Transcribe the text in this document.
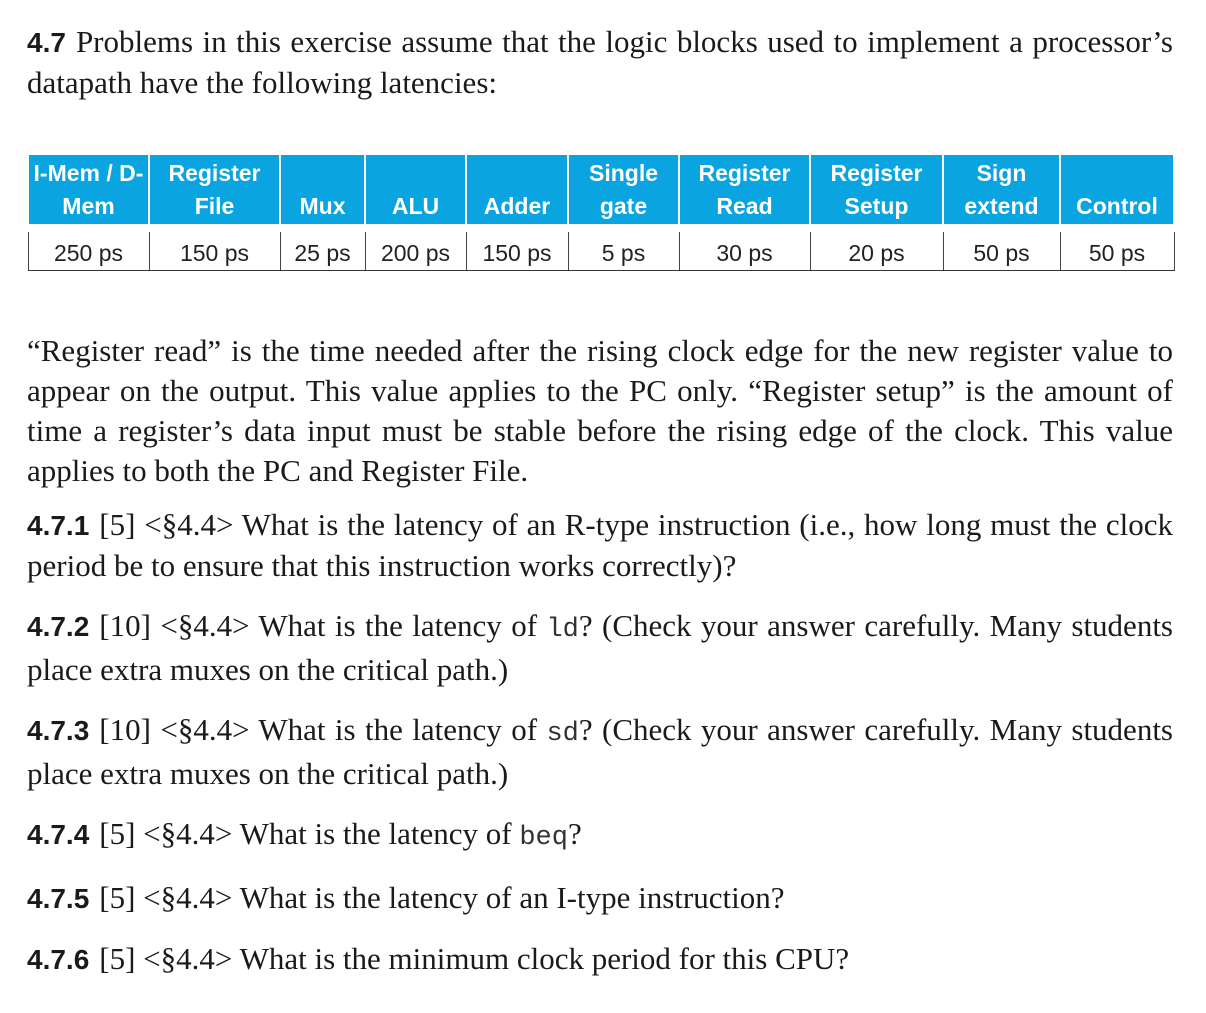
4.7 Problems in this exercise assume that the logic blocks used to implement a processor’s datapath have the following latencies:

I-Mem / D-Mem	Register File	Mux	ALU	Adder	Single gate	Register Read	Register Setup	Sign extend	Control
250 ps	150 ps	25 ps	200 ps	150 ps	5 ps	30 ps	20 ps	50 ps	50 ps

“Register read” is the time needed after the rising clock edge for the new register value to appear on the output. This value applies to the PC only. “Register setup” is the amount of time a register’s data input must be stable before the rising edge of the clock. This value applies to both the PC and Register File.

4.7.1 [5] <§4.4> What is the latency of an R-type instruction (i.e., how long must the clock period be to ensure that this instruction works correctly)?

4.7.2 [10] <§4.4> What is the latency of ld? (Check your answer carefully. Many students place extra muxes on the critical path.)

4.7.3 [10] <§4.4> What is the latency of sd? (Check your answer carefully. Many students place extra muxes on the critical path.)

4.7.4 [5] <§4.4> What is the latency of beq?

4.7.5 [5] <§4.4> What is the latency of an I-type instruction?

4.7.6 [5] <§4.4> What is the minimum clock period for this CPU?
